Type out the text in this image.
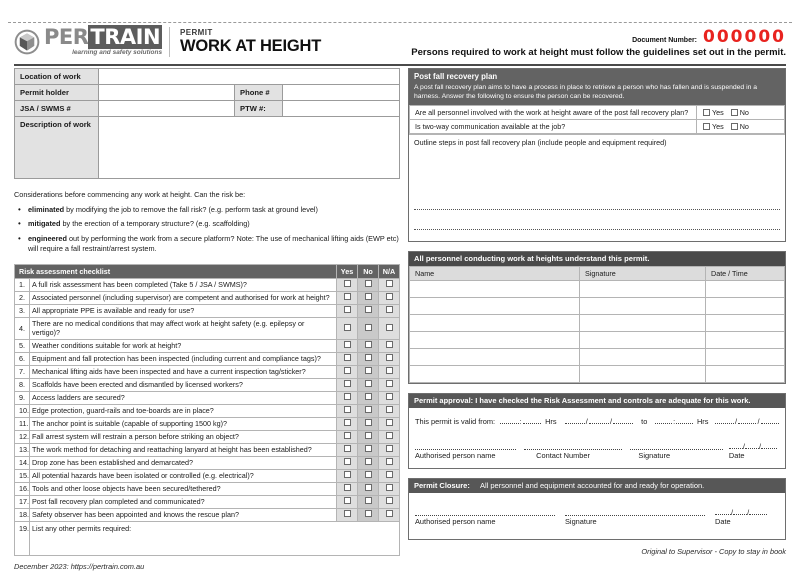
PERTRAIN
learning and safety solutions
PERMIT
WORK AT HEIGHT	Document Number: 000000
Persons required to work at height must follow the guidelines set out in the permit.
Location of work			
Permit holder		Phone #	
JSA / SWMS #		PTW #:	
Description of work			
Considerations before commencing any work at height. Can the risk be:
• eliminated by modifying the job to remove the fall risk? (e.g. perform task at ground level)
• mitigated by the erection of a temporary structure? (e.g. scaffolding)
• engineered out by performing the work from a secure platform? Note: The use of mechanical lifting aids (EWP etc) will require a fall restraint/arrest system.
Risk assessment checklist		Yes	No	N/A
1.	A full risk assessment has been completed (Take 5 / JSA / SWMS)?			
2.	Associated personnel (including supervisor) are competent and authorised for work at height?			
3.	All appropriate PPE is available and ready for use?			
4.	There are no medical conditions that may affect work at height safety (e.g. epilepsy or vertigo)?			
5.	Weather conditions suitable for work at height?			
6.	Equipment and fall protection has been inspected (including current and compliance tags)?			
7.	Mechanical lifting aids have been inspected and have a current inspection tag/sticker?			
8.	Scaffolds have been erected and dismantled by licensed workers?			
9.	Access ladders are secured?			
10.	Edge protection, guard-rails and toe-boards are in place?			
11.	The anchor point is suitable (capable of supporting 1500 kg)?			
12.	Fall arrest system will restrain a person before striking an object?			
13.	The work method for detaching and reattaching lanyard at height has been established?			
14.	Drop zone has been established and demarcated?			
15.	All potential hazards have been isolated or controlled (e.g. electrical)?			
16.	Tools and other loose objects have been secured/tethered?			
17.	Post fall recovery plan completed and communicated?			
18.	Safety observer has been appointed and knows the rescue plan?			
19.	List any other permits required:			
December 2023: https://pertrain.com.au
Post fall recovery plan
A post fall recovery plan aims to have a process in place to retrieve a person who has fallen and is suspended in a harness. Answer the following to ensure the person can be recovered.
Are all personnel involved with the work at height aware of the post fall recovery plan?	Yes No
Is two-way communication available at the job?	Yes No
Outline steps in post fall recovery plan (include people and equipment required)
All personnel conducting work at heights understand this permit.
Name	Signature	Date / Time

Permit approval: I have checked the Risk Assessment and controls are adequate for this work.
This permit is valid from:	:	Hrs	/	/	to	:	Hrs	/	/
Authorised person name	Contact Number	Signature
/ /
Date
Permit Closure: All personnel and equipment accounted for and ready for operation.
Authorised person name	Signature
/ /
Date
Original to Supervisor - Copy to stay in book
